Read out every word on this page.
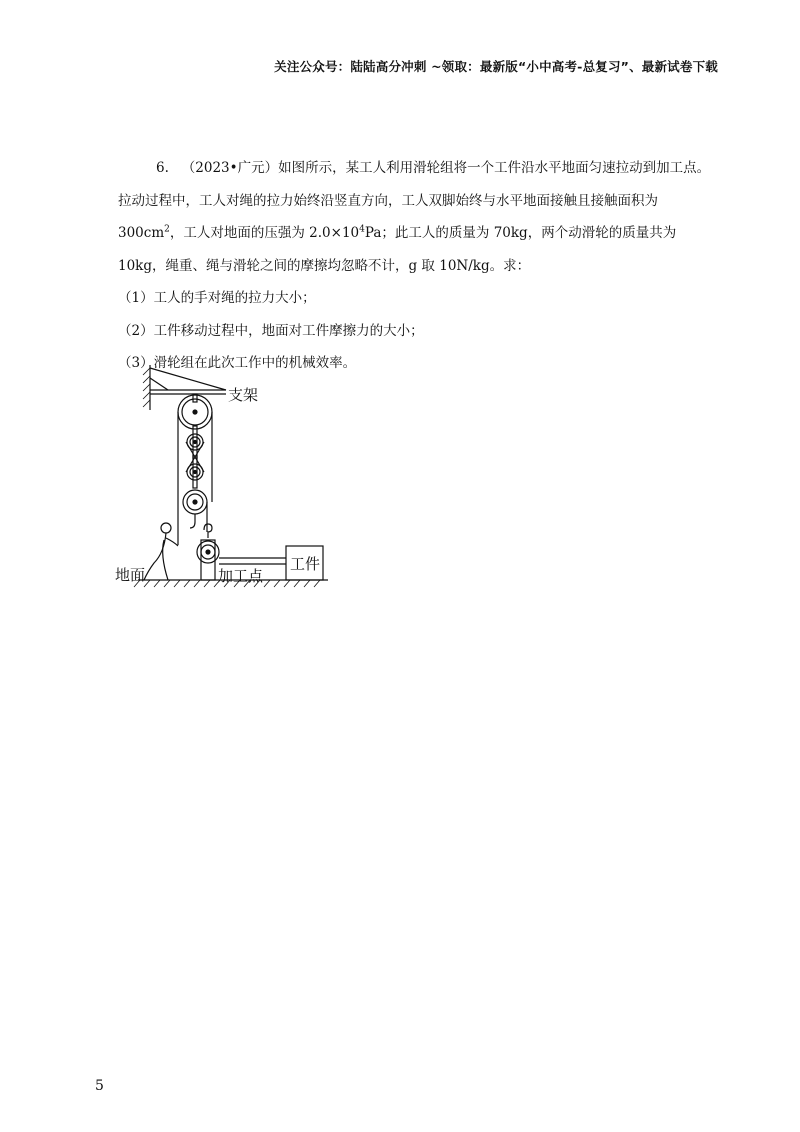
关注公众号：陆陆高分冲刺 ~领取：最新版“小中高考-总复习”、最新试卷下载

6. （2023•广元）如图所示，某工人利用滑轮组将一个工件沿水平地面匀速拉动到加工点。拉动过程中，工人对绳的拉力始终沿竖直方向，工人双脚始终与水平地面接触且接触面积为 $300cm^2$，工人对地面的压强为 $2.0\times 10^4Pa$；此工人的质量为 70kg，两个动滑轮的质量共为 10kg，绳重、绳与滑轮之间的摩擦均忽略不计，g 取 10N/kg。求：

（1）工人的手对绳的拉力大小；

（2）工件移动过程中，地面对工件摩擦力的大小；

（3）滑轮组在此次工作中的机械效率。

支架
地面	加工点
工件
5
